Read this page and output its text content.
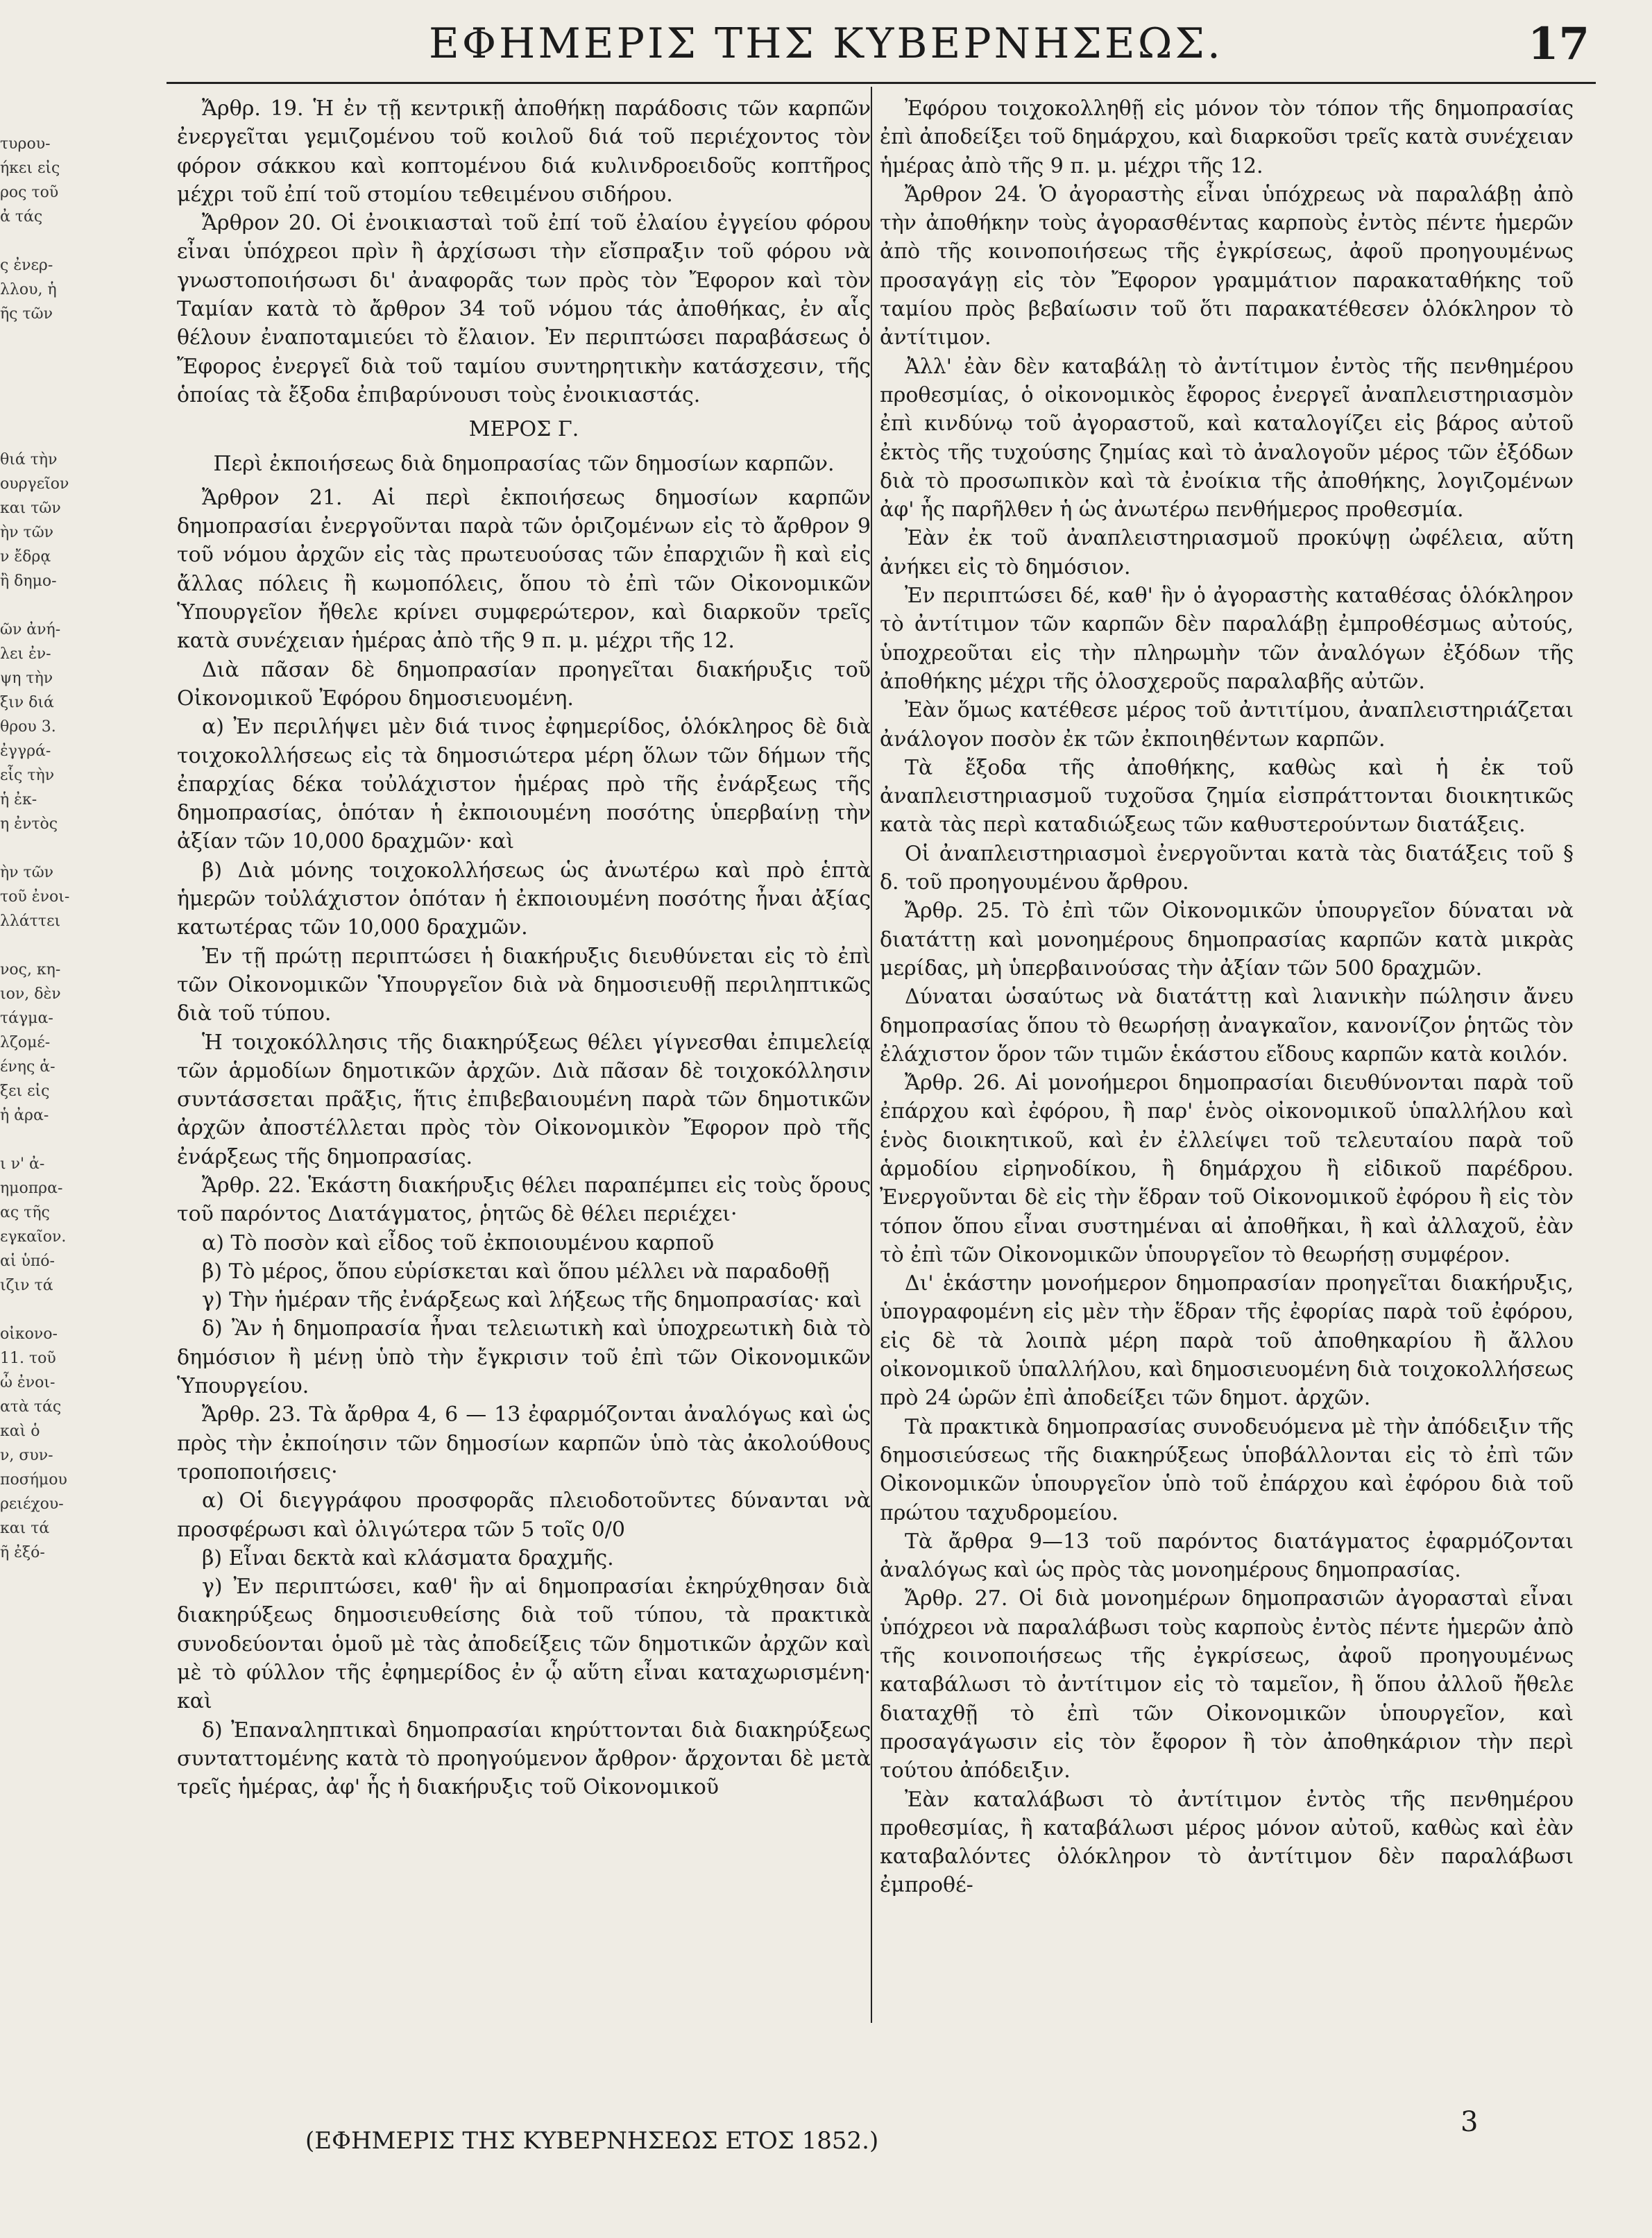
τυρου-
ήκει εἰς
ρος τοῦ
ἀ τάς

ς ἐνερ-
λλου, ἡ
ῆς τῶν

θιά τὴν
ουργεῖον
και τῶν
ὴν τῶν
ν ἔδρᾳ
ἢ δημο-

ῶν ἀνή-
λει ἐν-
ψη τὴν
ξιν διά
θρου 3.
ἐγγρά-
εἷς τὴν
ἡ ἐκ-
η ἐντὸς

ὴν τῶν
τοῦ ἐνοι-
λλάττει

νος, κη-
ιον, δὲν
τάγμα-
λζομέ-
ένης ἁ-
ξει εἰς
ἡ ἀρα-

ι ν' ἀ-
ημοπρα-
ας τῆς
εγκαῖον.
αἱ ὑπό-
ιζιν τά

οἰκονο-
11. τοῦ
ὦ ἐνοι-
ατὰ τάς
καὶ ὁ
ν, συν-
ποσήμου
ρειέχου-
και τά
ῆ ἐξό-
ΕΦΗΜΕΡΙΣ ΤΗΣ ΚΥΒΕΡΝΗΣΕΩΣ.	17

Ἄρθρ. 19. Ἡ ἐν τῇ κεντρικῇ ἀποθήκῃ παράδοσις τῶν καρπῶν ἐνεργεῖται γεμιζομένου τοῦ κοιλοῦ διά τοῦ περιέχοντος τὸν φόρον σάκκου καὶ κοπτομένου διά κυλινδροειδοῦς κοπτῆρος μέχρι τοῦ ἐπί τοῦ στομίου τεθειμένου σιδήρου.

Ἄρθρον 20. Οἱ ἐνοικιασταὶ τοῦ ἐπί τοῦ ἐλαίου ἐγγείου φόρου εἶναι ὑπόχρεοι πρὶν ἢ ἀρχίσωσι τὴν εἴσπραξιν τοῦ φόρου νὰ γνωστοποιήσωσι δι' ἀναφορᾶς των πρὸς τὸν Ἔφορον καὶ τὸν Ταμίαν κατὰ τὸ ἄρθρον 34 τοῦ νόμου τάς ἀποθήκας, ἐν αἷς θέλουν ἐναποταμιεύει τὸ ἔλαιον. Ἐν περιπτώσει παραβάσεως ὁ Ἔφορος ἐνεργεῖ διὰ τοῦ ταμίου συντηρητικὴν κατάσχεσιν, τῆς ὁποίας τὰ ἔξοδα ἐπιβαρύνουσι τοὺς ἐνοικιαστάς.

ΜΕΡΟΣ Γ.

Περὶ ἐκποιήσεως διὰ δημοπρασίας τῶν δημοσίων καρπῶν.

Ἄρθρον 21. Αἱ περὶ ἐκποιήσεως δημοσίων καρπῶν δημοπρασίαι ἐνεργοῦνται παρὰ τῶν ὁριζομένων εἰς τὸ ἄρθρον 9 τοῦ νόμου ἀρχῶν εἰς τὰς πρωτευούσας τῶν ἐπαρχιῶν ἢ καὶ εἰς ἄλλας πόλεις ἢ κωμοπόλεις, ὅπου τὸ ἐπὶ τῶν Οἰκονομικῶν Ὑπουργεῖον ἤθελε κρίνει συμφερώτερον, καὶ διαρκοῦν τρεῖς κατὰ συνέχειαν ἡμέρας ἀπὸ τῆς 9 π. μ. μέχρι τῆς 12.

Διὰ πᾶσαν δὲ δημοπρασίαν προηγεῖται διακήρυξις τοῦ Οἰκονομικοῦ Ἐφόρου δημοσιευομένη.

α) Ἐν περιλήψει μὲν διά τινος ἐφημερίδος, ὁλόκληρος δὲ διὰ τοιχοκολλήσεως εἰς τὰ δημοσιώτερα μέρη ὅλων τῶν δήμων τῆς ἐπαρχίας δέκα τοὐλάχιστον ἡμέρας πρὸ τῆς ἐνάρξεως τῆς δημοπρασίας, ὁπόταν ἡ ἐκποιουμένη ποσότης ὑπερβαίνῃ τὴν ἀξίαν τῶν 10,000 δραχμῶν· καὶ

β) Διὰ μόνης τοιχοκολλήσεως ὡς ἀνωτέρω καὶ πρὸ ἑπτὰ ἡμερῶν τοὐλάχιστον ὁπόταν ἡ ἐκποιουμένη ποσότης ἦναι ἀξίας κατωτέρας τῶν 10,000 δραχμῶν.

Ἐν τῇ πρώτῃ περιπτώσει ἡ διακήρυξις διευθύνεται εἰς τὸ ἐπὶ τῶν Οἰκονομικῶν Ὑπουργεῖον διὰ νὰ δημοσιευθῇ περιληπτικῶς διὰ τοῦ τύπου.

Ἡ τοιχοκόλλησις τῆς διακηρύξεως θέλει γίγνεσθαι ἐπιμελείᾳ τῶν ἁρμοδίων δημοτικῶν ἀρχῶν. Διὰ πᾶσαν δὲ τοιχοκόλλησιν συντάσσεται πρᾶξις, ἥτις ἐπιβεβαιουμένη παρὰ τῶν δημοτικῶν ἀρχῶν ἀποστέλλεται πρὸς τὸν Οἰκονομικὸν Ἔφορον πρὸ τῆς ἐνάρξεως τῆς δημοπρασίας.

Ἄρθρ. 22. Ἑκάστη διακήρυξις θέλει παραπέμπει εἰς τοὺς ὅρους τοῦ παρόντος Διατάγματος, ῥητῶς δὲ θέλει περιέχει·

α) Τὸ ποσὸν καὶ εἶδος τοῦ ἐκποιουμένου καρποῦ

β) Τὸ μέρος, ὅπου εὑρίσκεται καὶ ὅπου μέλλει νὰ παραδοθῇ

γ) Τὴν ἡμέραν τῆς ἐνάρξεως καὶ λήξεως τῆς δημοπρασίας· καὶ

δ) Ἂν ἡ δημοπρασία ἦναι τελειωτικὴ καὶ ὑποχρεωτικὴ διὰ τὸ δημόσιον ἢ μένῃ ὑπὸ τὴν ἔγκρισιν τοῦ ἐπὶ τῶν Οἰκονομικῶν Ὑπουργείου.

Ἄρθρ. 23. Τὰ ἄρθρα 4, 6 — 13 ἐφαρμόζονται ἀναλόγως καὶ ὡς πρὸς τὴν ἐκποίησιν τῶν δημοσίων καρπῶν ὑπὸ τὰς ἀκολούθους τροποποιήσεις·

α) Οἱ διεγγράφου προσφορᾶς πλειοδοτοῦντες δύνανται νὰ προσφέρωσι καὶ ὀλιγώτερα τῶν 5 τοῖς 0/0

β) Εἶναι δεκτὰ καὶ κλάσματα δραχμῆς.

γ) Ἐν περιπτώσει, καθ' ἣν αἱ δημοπρασίαι ἐκηρύχθησαν διὰ διακηρύξεως δημοσιευθείσης διὰ τοῦ τύπου, τὰ πρακτικὰ συνοδεύονται ὁμοῦ μὲ τὰς ἀποδείξεις τῶν δημοτικῶν ἀρχῶν καὶ μὲ τὸ φύλλον τῆς ἐφημερίδος ἐν ᾧ αὕτη εἶναι καταχωρισμένη· καὶ

δ) Ἐπαναληπτικαὶ δημοπρασίαι κηρύττονται διὰ διακηρύξεως συνταττομένης κατὰ τὸ προηγούμενον ἄρθρον· ἄρχονται δὲ μετὰ τρεῖς ἡμέρας, ἀφ' ἧς ἡ διακήρυξις τοῦ Οἰκονομικοῦ

Ἐφόρου τοιχοκολληθῇ εἰς μόνον τὸν τόπον τῆς δημοπρασίας ἐπὶ ἀποδείξει τοῦ δημάρχου, καὶ διαρκοῦσι τρεῖς κατὰ συνέχειαν ἡμέρας ἀπὸ τῆς 9 π. μ. μέχρι τῆς 12.

Ἄρθρον 24. Ὁ ἀγοραστὴς εἶναι ὑπόχρεως νὰ παραλάβῃ ἀπὸ τὴν ἀποθήκην τοὺς ἀγορασθέντας καρποὺς ἐντὸς πέντε ἡμερῶν ἀπὸ τῆς κοινοποιήσεως τῆς ἐγκρίσεως, ἀφοῦ προηγουμένως προσαγάγῃ εἰς τὸν Ἔφορον γραμμάτιον παρακαταθήκης τοῦ ταμίου πρὸς βεβαίωσιν τοῦ ὅτι παρακατέθεσεν ὁλόκληρον τὸ ἀντίτιμον.

Ἀλλ' ἐὰν δὲν καταβάλῃ τὸ ἀντίτιμον ἐντὸς τῆς πενθημέρου προθεσμίας, ὁ οἰκονομικὸς ἔφορος ἐνεργεῖ ἀναπλειστηριασμὸν ἐπὶ κινδύνῳ τοῦ ἀγοραστοῦ, καὶ καταλογίζει εἰς βάρος αὐτοῦ ἐκτὸς τῆς τυχούσης ζημίας καὶ τὸ ἀναλογοῦν μέρος τῶν ἐξόδων διὰ τὸ προσωπικὸν καὶ τὰ ἐνοίκια τῆς ἀποθήκης, λογιζομένων ἀφ' ἧς παρῆλθεν ἡ ὡς ἀνωτέρω πενθήμερος προθεσμία.

Ἐὰν ἐκ τοῦ ἀναπλειστηριασμοῦ προκύψῃ ὠφέλεια, αὕτη ἀνήκει εἰς τὸ δημόσιον.

Ἐν περιπτώσει δέ, καθ' ἣν ὁ ἀγοραστὴς καταθέσας ὁλόκληρον τὸ ἀντίτιμον τῶν καρπῶν δὲν παραλάβῃ ἐμπροθέσμως αὐτούς, ὑποχρεοῦται εἰς τὴν πληρωμὴν τῶν ἀναλόγων ἐξόδων τῆς ἀποθήκης μέχρι τῆς ὁλοσχεροῦς παραλαβῆς αὐτῶν.

Ἐὰν ὅμως κατέθεσε μέρος τοῦ ἀντιτίμου, ἀναπλειστηριάζεται ἀνάλογον ποσὸν ἐκ τῶν ἐκποιηθέντων καρπῶν.

Τὰ ἔξοδα τῆς ἀποθήκης, καθὼς καὶ ἡ ἐκ τοῦ ἀναπλειστηριασμοῦ τυχοῦσα ζημία εἰσπράττονται διοικητικῶς κατὰ τὰς περὶ καταδιώξεως τῶν καθυστερούντων διατάξεις.

Οἱ ἀναπλειστηριασμοὶ ἐνεργοῦνται κατὰ τὰς διατάξεις τοῦ § δ. τοῦ προηγουμένου ἄρθρου.

Ἄρθρ. 25. Τὸ ἐπὶ τῶν Οἰκονομικῶν ὑπουργεῖον δύναται νὰ διατάττῃ καὶ μονοημέρους δημοπρασίας καρπῶν κατὰ μικρὰς μερίδας, μὴ ὑπερβαινούσας τὴν ἀξίαν τῶν 500 δραχμῶν.

Δύναται ὡσαύτως νὰ διατάττῃ καὶ λιανικὴν πώλησιν ἄνευ δημοπρασίας ὅπου τὸ θεωρήσῃ ἀναγκαῖον, κανονίζον ῥητῶς τὸν ἐλάχιστον ὅρον τῶν τιμῶν ἑκάστου εἴδους καρπῶν κατὰ κοιλόν.

Ἄρθρ. 26. Αἱ μονοήμεροι δημοπρασίαι διευθύνονται παρὰ τοῦ ἐπάρχου καὶ ἐφόρου, ἢ παρ' ἑνὸς οἰκονομικοῦ ὑπαλλήλου καὶ ἑνὸς διοικητικοῦ, καὶ ἐν ἐλλείψει τοῦ τελευταίου παρὰ τοῦ ἁρμοδίου εἰρηνοδίκου, ἢ δημάρχου ἢ εἰδικοῦ παρέδρου. Ἐνεργοῦνται δὲ εἰς τὴν ἕδραν τοῦ Οἰκονομικοῦ ἐφόρου ἢ εἰς τὸν τόπον ὅπου εἶναι συστημέναι αἱ ἀποθῆκαι, ἢ καὶ ἀλλαχοῦ, ἐὰν τὸ ἐπὶ τῶν Οἰκονομικῶν ὑπουργεῖον τὸ θεωρήσῃ συμφέρον.

Δι' ἑκάστην μονοήμερον δημοπρασίαν προηγεῖται διακήρυξις, ὑπογραφομένη εἰς μὲν τὴν ἕδραν τῆς ἐφορίας παρὰ τοῦ ἐφόρου, εἰς δὲ τὰ λοιπὰ μέρη παρὰ τοῦ ἀποθηκαρίου ἢ ἄλλου οἰκονομικοῦ ὑπαλλήλου, καὶ δημοσιευομένη διὰ τοιχοκολλήσεως πρὸ 24 ὡρῶν ἐπὶ ἀποδείξει τῶν δημοτ. ἀρχῶν.

Τὰ πρακτικὰ δημοπρασίας συνοδευόμενα μὲ τὴν ἀπόδειξιν τῆς δημοσιεύσεως τῆς διακηρύξεως ὑποβάλλονται εἰς τὸ ἐπὶ τῶν Οἰκονομικῶν ὑπουργεῖον ὑπὸ τοῦ ἐπάρχου καὶ ἐφόρου διὰ τοῦ πρώτου ταχυδρομείου.

Τὰ ἄρθρα 9—13 τοῦ παρόντος διατάγματος ἐφαρμόζονται ἀναλόγως καὶ ὡς πρὸς τὰς μονοημέρους δημοπρασίας.

Ἄρθρ. 27. Οἱ διὰ μονοημέρων δημοπρασιῶν ἀγορασταὶ εἶναι ὑπόχρεοι νὰ παραλάβωσι τοὺς καρποὺς ἐντὸς πέντε ἡμερῶν ἀπὸ τῆς κοινοποιήσεως τῆς ἐγκρίσεως, ἀφοῦ προηγουμένως καταβάλωσι τὸ ἀντίτιμον εἰς τὸ ταμεῖον, ἢ ὅπου ἀλλοῦ ἤθελε διαταχθῇ τὸ ἐπὶ τῶν Οἰκονομικῶν ὑπουργεῖον, καὶ προσαγάγωσιν εἰς τὸν ἔφορον ἢ τὸν ἀποθηκάριον τὴν περὶ τούτου ἀπόδειξιν.

Ἐὰν καταλάβωσι τὸ ἀντίτιμον ἐντὸς τῆς πενθημέρου προθεσμίας, ἢ καταβάλωσι μέρος μόνον αὐτοῦ, καθὼς καὶ ἐὰν καταβαλόντες ὁλόκληρον τὸ ἀντίτιμον δὲν παραλάβωσι ἐμπροθέ-

(ΕΦΗΜΕΡΙΣ ΤΗΣ ΚΥΒΕΡΝΗΣΕΩΣ ΕΤΟΣ 1852.)
3
